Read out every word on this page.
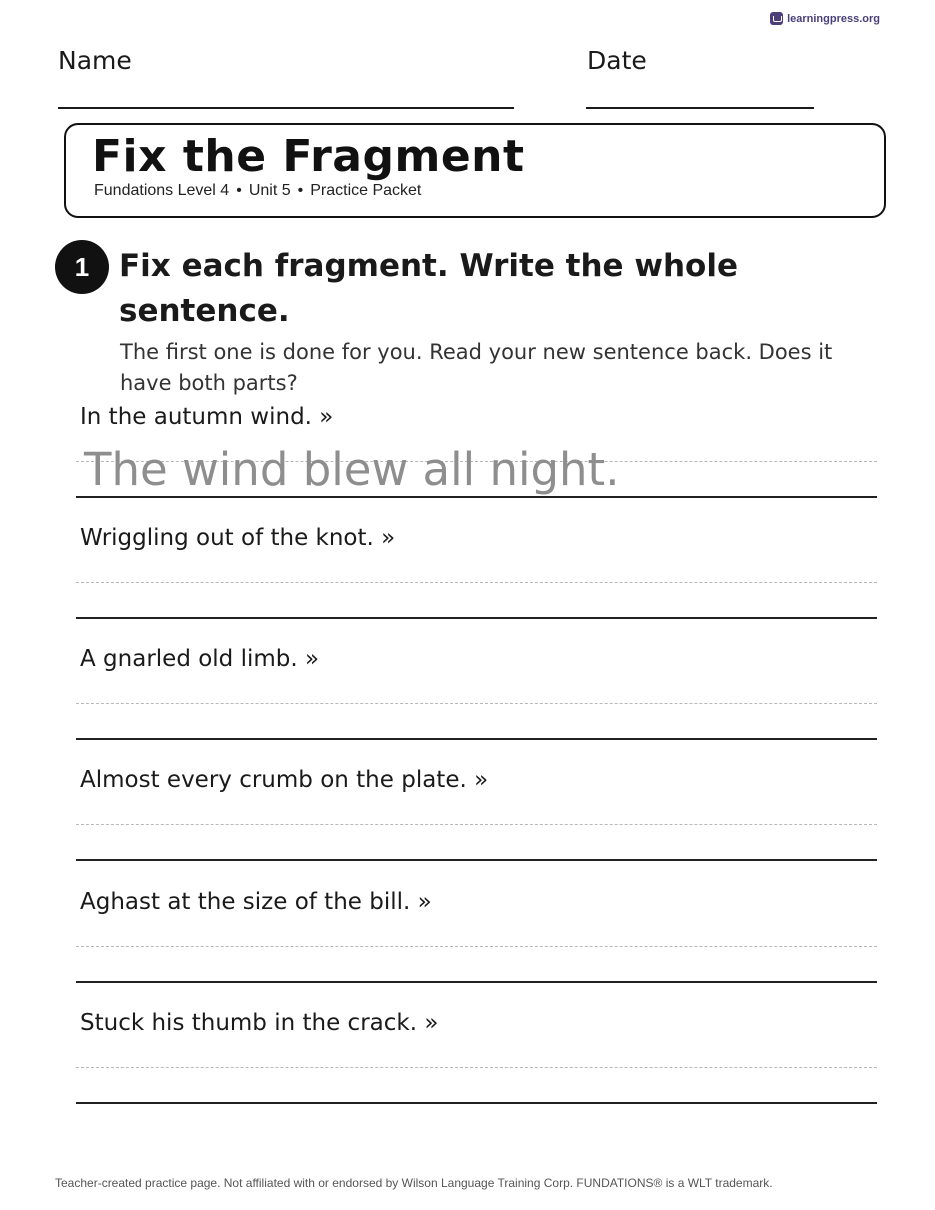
learningpress.org
Name	Date
Fix the Fragment
Fundations Level 4 • Unit 5 • Practice Packet
1 Fix each fragment. Write the whole sentence.
The first one is done for you. Read your new sentence back. Does it have both parts?
In the autumn wind. »
The wind blew all night.
Wriggling out of the knot. »
A gnarled old limb. »
Almost every crumb on the plate. »
Aghast at the size of the bill. »
Stuck his thumb in the crack. »
Teacher-created practice page. Not affiliated with or endorsed by Wilson Language Training Corp. FUNDATIONS® is a WLT trademark.
